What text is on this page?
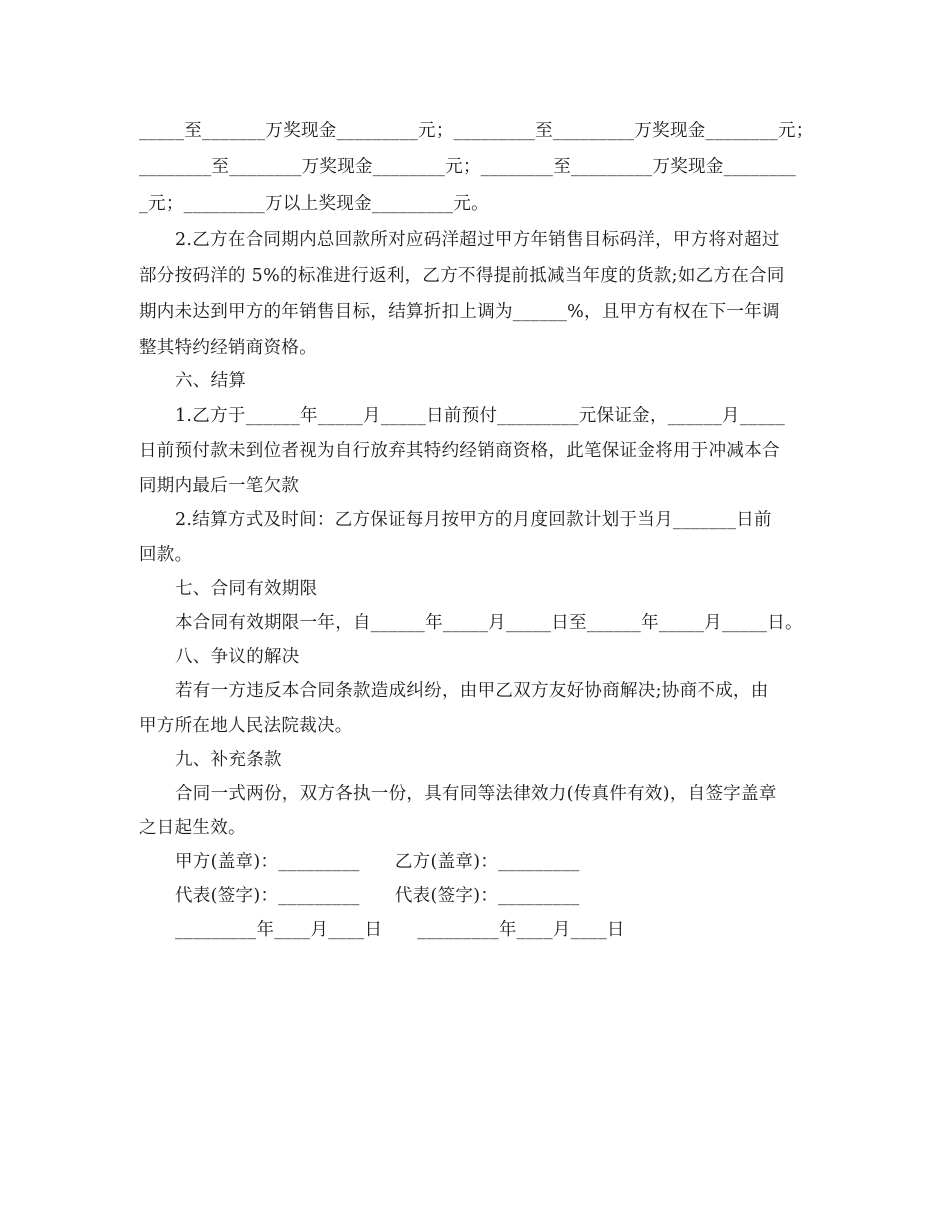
_____至_______万奖现金_________元；_________至_________万奖现金________元；
________至________万奖现金________元；________至_________万奖现金________
_元；_________万以上奖现金_________元。
2.乙方在合同期内总回款所对应码洋超过甲方年销售目标码洋，甲方将对超过
部分按码洋的 5%的标准进行返利，乙方不得提前抵减当年度的货款;如乙方在合同
期内未达到甲方的年销售目标，结算折扣上调为______%，且甲方有权在下一年调
整其特约经销商资格。
六、结算
1.乙方于______年_____月_____日前预付_________元保证金，______月_____
日前预付款未到位者视为自行放弃其特约经销商资格，此笔保证金将用于冲减本合
同期内最后一笔欠款
2.结算方式及时间：乙方保证每月按甲方的月度回款计划于当月_______日前
回款。
七、合同有效期限
本合同有效期限一年，自______年_____月_____日至______年_____月_____日。
八、争议的解决
若有一方违反本合同条款造成纠纷，由甲乙双方友好协商解决;协商不成，由
甲方所在地人民法院裁决。
九、补充条款
合同一式两份，双方各执一份，具有同等法律效力(传真件有效)，自签字盖章
之日起生效。
甲方(盖章)：_________      乙方(盖章)：_________
代表(签字)：_________      代表(签字)：_________
_________年____月____日      _________年____月____日
